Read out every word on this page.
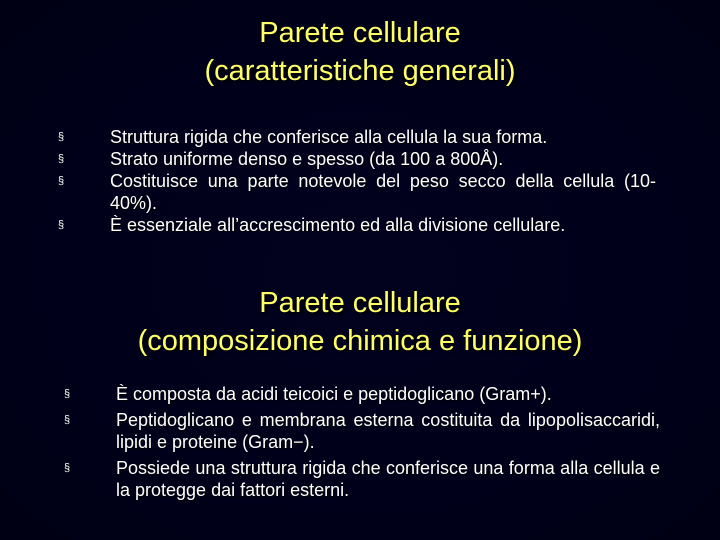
Parete cellulare
(caratteristiche generali)
§	Struttura rigida che conferisce alla cellula la sua forma.
§	Strato uniforme denso e spesso (da 100 a 800Å).
§	Costituisce una parte notevole del peso secco della cellula (10-40%).
§	È essenziale all’accrescimento ed alla divisione cellulare.
Parete cellulare
(composizione chimica e funzione)
§	È composta da acidi teicoici e peptidoglicano (Gram+).
§	Peptidoglicano e membrana esterna costituita da lipopolisaccaridi, lipidi e proteine (Gram−).
§	Possiede una struttura rigida che conferisce una forma alla cellula e la protegge dai fattori esterni.
